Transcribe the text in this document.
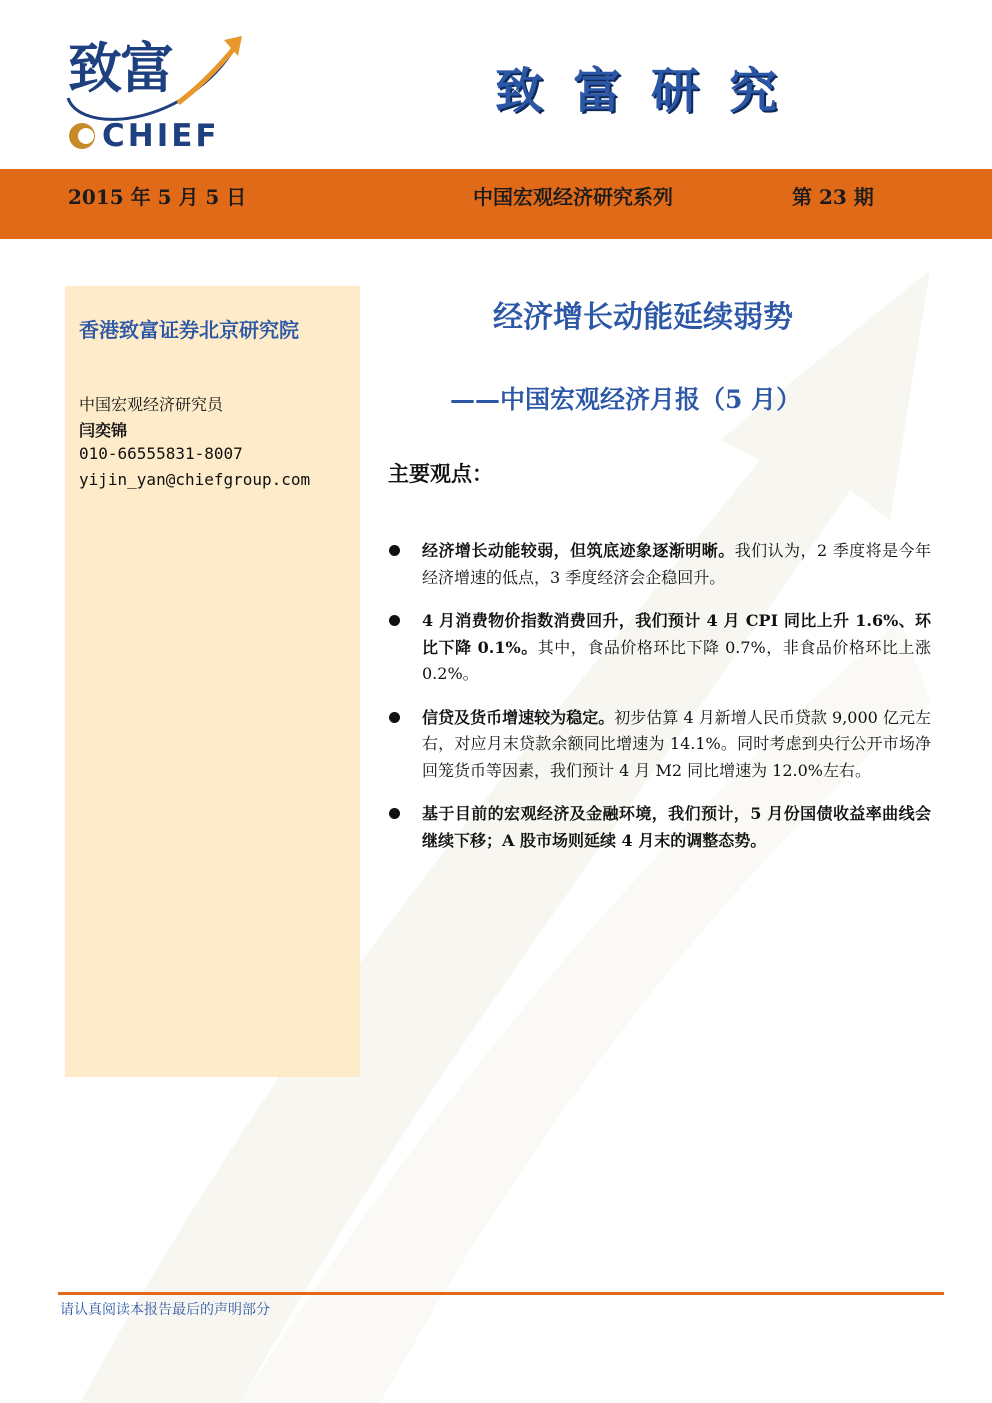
致富
CHIEF
致富研究
2015 年 5 月 5 日	中国宏观经济研究系列	第 23 期
香港致富证券北京研究院
中国宏观经济研究员
闫奕锦
010-66555831-8007
yijin_yan@chiefgroup.com
经济增长动能延续弱势
——中国宏观经济月报（5 月）
主要观点：
经济增长动能较弱，但筑底迹象逐渐明晰。我们认为，2 季度将是今年经济增速的低点，3 季度经济会企稳回升。
4 月消费物价指数消费回升，我们预计 4 月 CPI 同比上升 1.6%、环比下降 0.1%。其中，食品价格环比下降 0.7%，非食品价格环比上涨 0.2%。
信贷及货币增速较为稳定。初步估算 4 月新增人民币贷款 9,000 亿元左右，对应月末贷款余额同比增速为 14.1%。同时考虑到央行公开市场净回笼货币等因素，我们预计 4 月 M2 同比增速为 12.0%左右。
基于目前的宏观经济及金融环境，我们预计，5 月份国债收益率曲线会继续下移；A 股市场则延续 4 月末的调整态势。
请认真阅读本报告最后的声明部分
